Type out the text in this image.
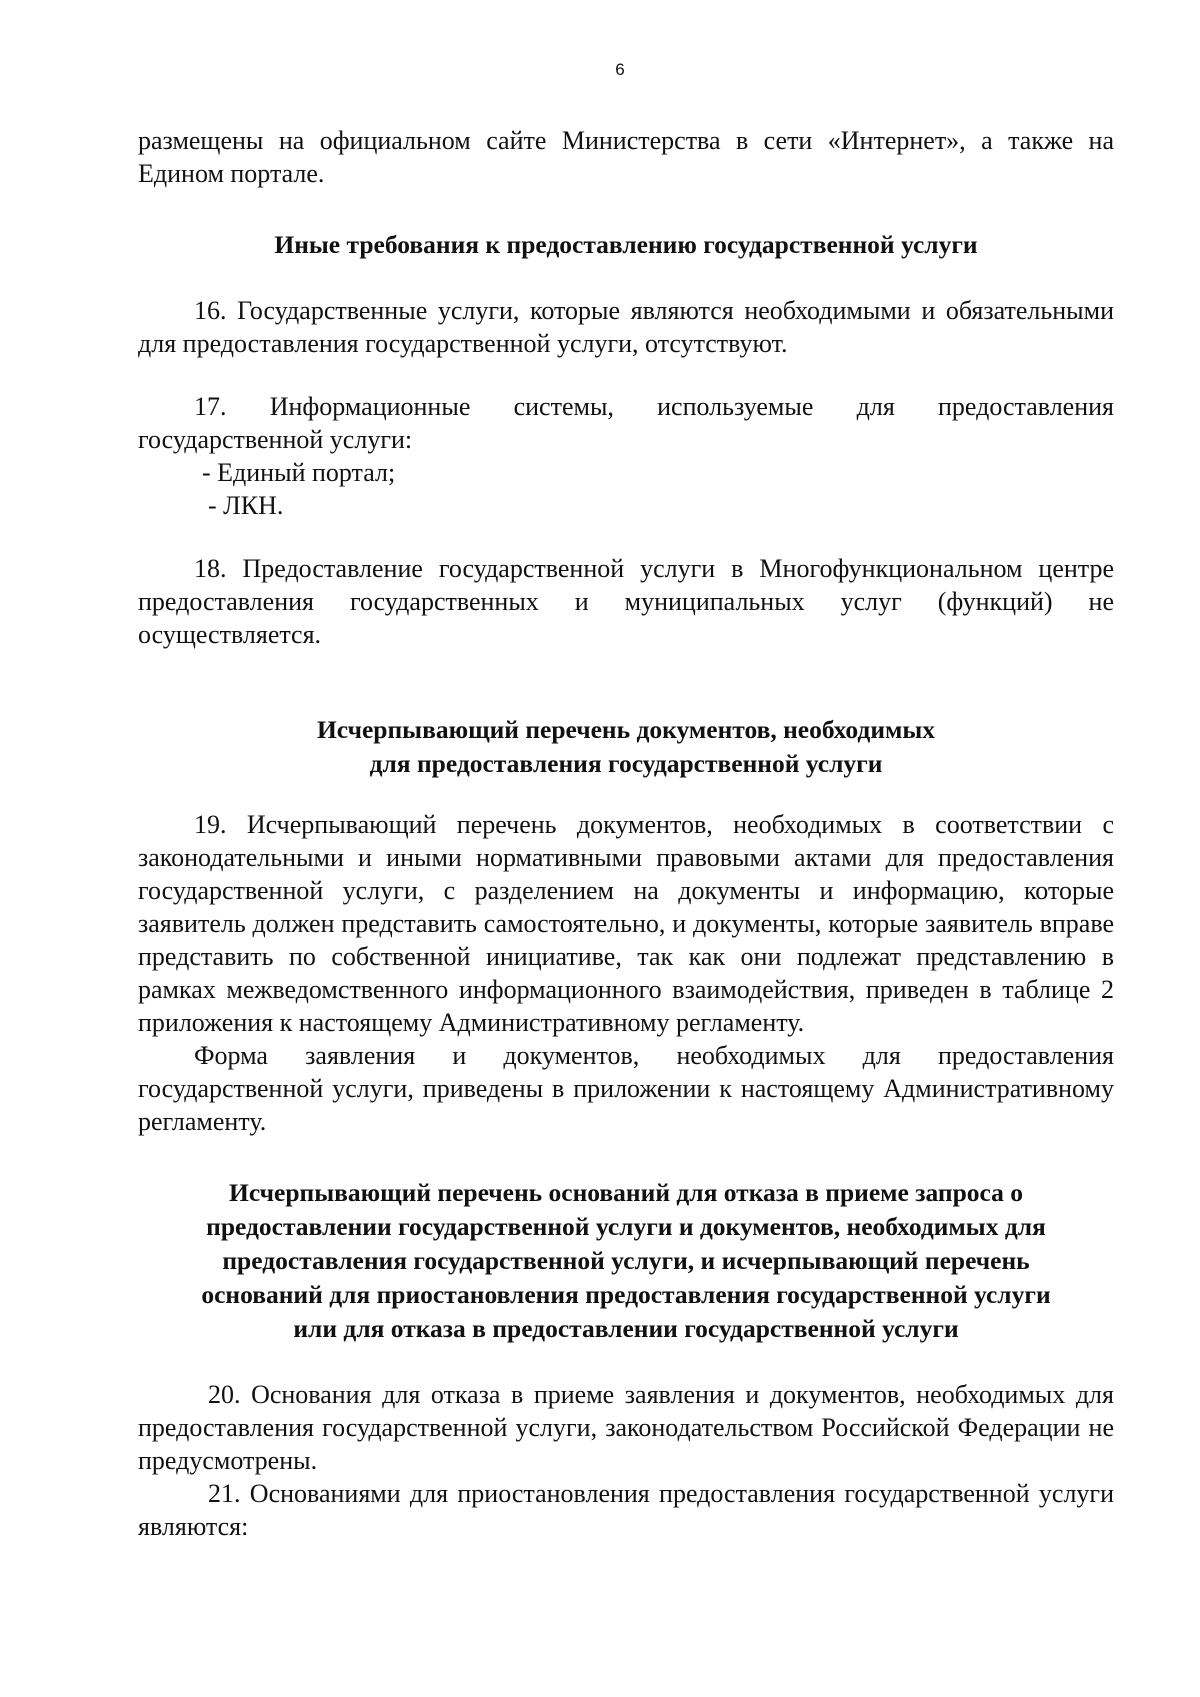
6

размещены на официальном сайте Министерства в сети «Интернет», а также на Едином портале.

Иные требования к предоставлению государственной услуги

16. Государственные услуги, которые являются необходимыми и обязательными для предоставления государственной услуги, отсутствуют.

17. Информационные системы, используемые для предоставления государственной услуги:

- Единый портал;
- ЛКН.

18. Предоставление государственной услуги в Многофункциональном центре предоставления государственных и муниципальных услуг (функций) не осуществляется.

Исчерпывающий перечень документов, необходимых
для предоставления государственной услуги

19. Исчерпывающий перечень документов, необходимых в соответствии с законодательными и иными нормативными правовыми актами для предоставления государственной услуги, с разделением на документы и информацию, которые заявитель должен представить самостоятельно, и документы, которые заявитель вправе представить по собственной инициативе, так как они подлежат представлению в рамках межведомственного информационного взаимодействия, приведен в таблице 2 приложения к настоящему Административному регламенту.

Форма заявления и документов, необходимых для предоставления государственной услуги, приведены в приложении к настоящему Административному регламенту.

Исчерпывающий перечень оснований для отказа в приеме запроса о
предоставлении государственной услуги и документов, необходимых для
предоставления государственной услуги, и исчерпывающий перечень
оснований для приостановления предоставления государственной услуги
или для отказа в предоставлении государственной услуги

20. Основания для отказа в приеме заявления и документов, необходимых для предоставления государственной услуги, законодательством Российской Федерации не предусмотрены.

21. Основаниями для приостановления предоставления государственной услуги являются:
